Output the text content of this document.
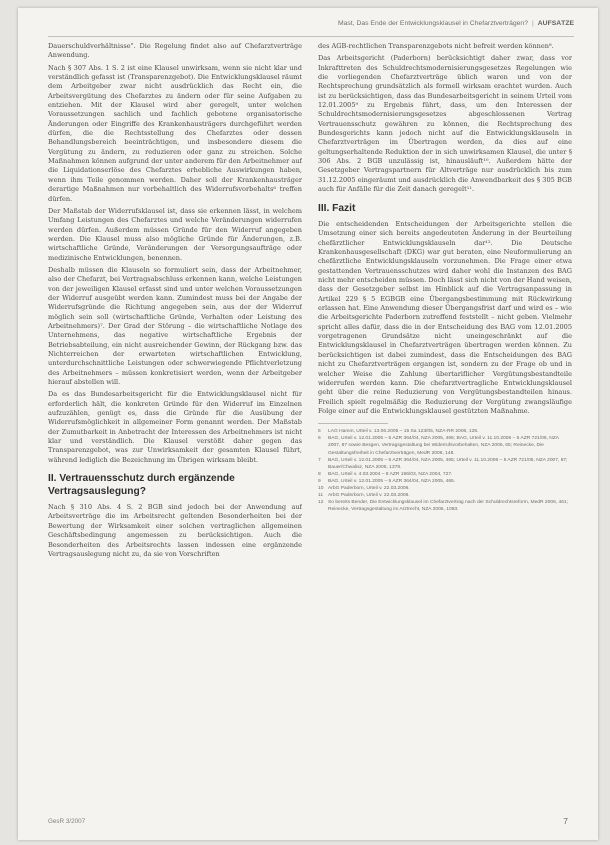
Mast, Das Ende der Entwicklungsklausel in Chefarztverträgen? | AUFSÄTZE

Dauerschuldverhältnisse". Die Regelung findet also auf Chefarztverträge Anwendung.

Nach § 307 Abs. 1 S. 2 ist eine Klausel unwirksam, wenn sie nicht klar und verständlich gefasst ist (Transparenzgebot). Die Entwicklungsklausel räumt dem Arbeitgeber zwar nicht ausdrücklich das Recht ein, die Arbeitsvergütung des Chefarztes zu ändern oder für seine Aufgaben zu entziehen. Mit der Klausel wird aber geregelt, unter welchen Voraussetzungen sachlich und fachlich gebotene organisatorische Änderungen oder Eingriffe des Krankenhausträgers durchgeführt werden dürfen, die die Rechtsstellung des Chefarztes oder dessen Behandlungsbereich beeinträchtigen, und insbesondere diesem die Vergütung zu ändern, zu reduzieren oder ganz zu streichen. Solche Maßnahmen können aufgrund der unter anderem für den Arbeitnehmer auf die Liquidationserlöse des Chefarztes erhebliche Auswirkungen haben, wenn ihm Teile genommen werden. Daher soll der Krankenhausträger derartige Maßnahmen nur vorbehaltlich des Widerrufsvorbehalts⁶ treffen dürfen.

Der Maßstab der Widerrufsklausel ist, dass sie erkennen lässt, in welchem Umfang Leistungen des Chefarztes und welche Veränderungen widerrufen werden dürfen. Außerdem müssen Gründe für den Widerruf angegeben werden. Die Klausel muss also mögliche Gründe für Änderungen, z.B. wirtschaftliche Gründe, Veränderungen der Versorgungsaufträge oder medizinische Entwicklungen, benennen.

Deshalb müssen die Klauseln so formuliert sein, dass der Arbeitnehmer, also der Chefarzt, bei Vertragsabschluss erkennen kann, welche Leistungen von der jeweiligen Klausel erfasst sind und unter welchen Voraussetzungen der Widerruf ausgeübt werden kann. Zumindest muss bei der Angabe der Widerrufsgründe die Richtung angegeben sein, aus der der Widerruf möglich sein soll (wirtschaftliche Gründe, Verhalten oder Leistung des Arbeitnehmers)⁷. Der Grad der Störung – die wirtschaftliche Notlage des Unternehmens, das negative wirtschaftliche Ergebnis der Betriebsabteilung, ein nicht ausreichender Gewinn, der Rückgang bzw. das Nichterreichen der erwarteten wirtschaftlichen Entwicklung, unterdurchschnittliche Leistungen oder schwerwiegende Pflichtverletzung des Arbeitnehmers – müssen konkretisiert werden, wenn der Arbeitgeber hierauf abstellen will.

Da es das Bundesarbeitsgericht für die Entwicklungsklausel nicht für erforderlich hält, die konkreten Gründe für den Widerruf im Einzelnen aufzuzählen, genügt es, dass die Gründe für die Ausübung der Widerrufsmöglichkeit in allgemeiner Form genannt werden. Der Maßstab der Zumutbarkeit in Anbetracht der Interessen des Arbeitnehmers ist nicht klar und verständlich. Die Klausel verstößt daher gegen das Transparenzgebot, was zur Unwirksamkeit der gesamten Klausel führt, während lediglich die Bezeichnung im Übrigen wirksam bleibt.

II. Vertrauensschutz durch ergänzende Vertragsauslegung?

Nach § 310 Abs. 4 S. 2 BGB sind jedoch bei der Anwendung auf Arbeitsverträge die im Arbeitsrecht geltenden Besonderheiten bei der Bewertung der Wirksamkeit einer solchen vertraglichen allgemeinen Geschäftsbedingung angemessen zu berücksichtigen. Auch die Besonderheiten des Arbeitsrechts lassen indessen eine ergänzende Vertragsauslegung nicht zu, da sie von Vorschriften

des AGB-rechtlichen Transparenzgebots nicht befreit werden können⁸.

Das Arbeitsgericht (Paderborn) berücksichtigt daher zwar, dass vor Inkrafttreten des Schuldrechtsmodernisierungsgesetzes Regelungen wie die vorliegenden Chefarztverträge üblich waren und von der Rechtsprechung grundsätzlich als formell wirksam erachtet wurden. Auch ist zu berücksichtigen, dass das Bundesarbeitsgericht in seinem Urteil vom 12.01.2005⁹ zu Ergebnis führt, dass, um den Interessen der Schuldrechtsmodernisierungsgesetzes abgeschlossenen Vertrag Vertrauensschutz gewähren zu können, die Rechtsprechung des Bundesgerichts kann jedoch nicht auf die Entwicklungsklauseln in Chefarztverträgen im Übertragen werden, da dies auf eine geltungserhaltende Reduktion der in sich unwirksamen Klausel, die unter § 306 Abs. 2 BGB unzulässig ist, hinausläuft¹⁰. Außerdem hätte der Gesetzgeber Vertragspartnern für Altverträge nur ausdrücklich bis zum 31.12.2005 eingeräumt und ausdrücklich die Anwendbarkeit des § 305 BGB auch für Anfälle für die Zeit danach geregelt¹¹.

III. Fazit

Die entscheidenden Entscheidungen der Arbeitsgerichte stellen die Umsetzung einer sich bereits angedeuteten Änderung in der Beurteilung chefärztlicher Entwicklungsklauseln dar¹². Die Deutsche Krankenhausgesellschaft (DKG) war gut beraten, eine Neuformulierung an chefärztliche Entwicklungsklauseln vorzunehmen. Die Frage einer etwa gestattenden Vertrauensschutzes wird daher wohl die Instanzen des BAG nicht mehr entscheiden müssen. Doch lässt sich nicht von der Hand weisen, dass der Gesetzgeber selbst im Hinblick auf die Vertragsanpassung in Artikel 229 § 5 EGBGB eine Übergangsbestimmung mit Rückwirkung erlassen hat. Eine Anwendung dieser Übergangsfrist darf und wird es – wie die Arbeitsgerichte Paderborn zutreffend feststellt – nicht geben. Vielmehr spricht alles dafür, dass die in der Entscheidung des BAG vom 12.01.2005 vorgetragenen Grundsätze nicht uneingeschränkt auf die Entwicklungsklausel in Chefarztverträgen übertragen werden können. Zu berücksichtigen ist dabei zumindest, dass die Entscheidungen des BAG nicht zu Chefarztverträgen ergangen ist, sondern zu der Frage ob und in welcher Weise die Zahlung übertariflicher Vergütungsbestandteile widerrufen werden kann. Die chefarztvertragliche Entwicklungsklausel geht über die reine Reduzierung von Vergütungsbestandteilen hinaus. Freilich spielt regelmäßig die Reduzierung der Vergütung zwangsläufige Folge einer auf die Entwicklungsklausel gestützten Maßnahme.

5	LAG Hamm, Urteil v. 13.06.2005 – 15 Sa 123/05, NZA-RR 2006, 125.
6	BAG, Urteil v. 12.01.2005 – 5 AZR 364/04, NZA 2005, 465; BAG, Urteil v. 11.10.2006 – 5 AZR 721/05, NZA 2007, 87 sowie Besgen, Vertragsgestaltung bei Widerrufsvorbehalten, NZA 2006, 65; Reinecke, Die Gestaltungsfreiheit in Chefarztverträgen, MedR 2006, 148.
7	BAG, Urteil v. 12.01.2005 – 5 AZR 364/04, NZA 2005, 465; Urteil v. 11.10.2006 – 5 AZR 721/05, NZA 2007, 87; Bauer/Chwalisz, NZA 2005, 1378.
8	BAG, Urteil v. 4.03.2004 – 8 AZR 196/03, NZA 2004, 727.
9	BAG, Urteil v. 12.01.2005 – 5 AZR 364/04, NZA 2005, 465.
10 ArbG Paderborn, Urteil v. 22.03.2006.
11	ArbG Paderborn, Urteil v. 22.03.2006.
12 So bereits Bender, Die Entwicklungsklausel im Chefarztvertrag nach der Schuldrechtsreform, MedR 2006, 461; Reinecke, Vertragsgestaltung im Arztrecht, NZA 2006, 1083.
GesR 3/2007	7
